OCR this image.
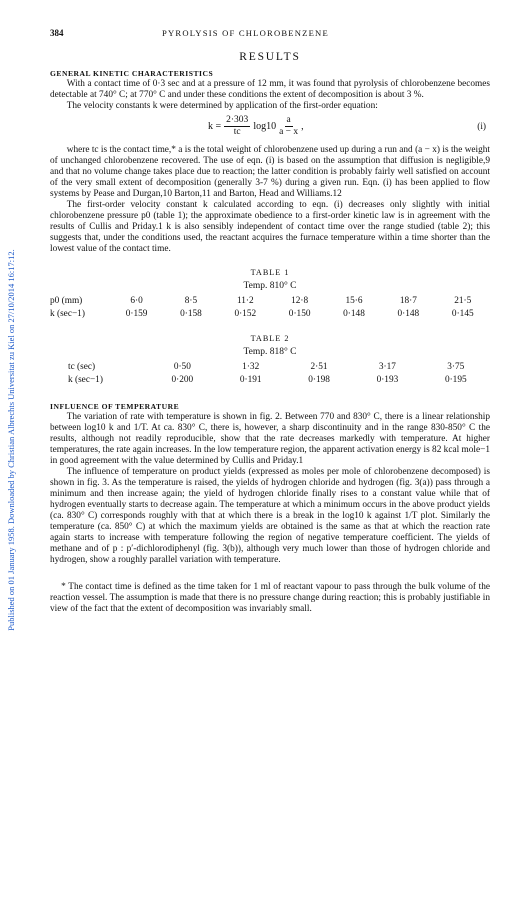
Published on 01 January 1958. Downloaded by Christian Albrechts Universitat zu Kiel on 27/10/2014 16:17:12.
384	PYROLYSIS OF CHLOROBENZENE
RESULTS
GENERAL KINETIC CHARACTERISTICS

With a contact time of 0·3 sec and at a pressure of 12 mm, it was found that pyrolysis of chlorobenzene becomes detectable at 740° C; at 770° C and under these conditions the extent of decomposition is about 3 %.

The velocity constants k were determined by application of the first-order equation:

$k = \frac{2\cdot 303}{tc} \log 10 \frac{a}{a - x}$ ,	(i)

where tc is the contact time,* a is the total weight of chlorobenzene used up during a run and (a − x) is the weight of unchanged chlorobenzene recovered. The use of eqn. (i) is based on the assumption that diffusion is negligible,9 and that no volume change takes place due to reaction; the latter condition is probably fairly well satisfied on account of the very small extent of decomposition (generally 3-7 %) during a given run. Eqn. (i) has been applied to flow systems by Pease and Durgan,10 Barton,11 and Barton, Head and Williams.12

The first-order velocity constant k calculated according to eqn. (i) decreases only slightly with initial chlorobenzene pressure p0 (table 1); the approximate obedience to a first-order kinetic law is in agreement with the results of Cullis and Priday.1 k is also sensibly independent of contact time over the range studied (table 2); this suggests that, under the conditions used, the reactant acquires the furnace temperature within a time shorter than the lowest value of the contact time.

TABLE 1
Temp. 810° C
p0 (mm)	6·0	8·5	11·2	12·8	15·6	18·7	21·5
k (sec−1)	0·159	0·158	0·152	0·150	0·148	0·148	0·145
TABLE 2
Temp. 818° C
tc (sec)	0·50	1·32	2·51	3·17	3·75
k (sec−1)	0·200	0·191	0·198	0·193	0·195
INFLUENCE OF TEMPERATURE

The variation of rate with temperature is shown in fig. 2. Between 770 and 830° C, there is a linear relationship between log10 k and 1/T. At ca. 830° C, there is, however, a sharp discontinuity and in the range 830-850° C the results, although not readily reproducible, show that the rate decreases markedly with temperature. At higher temperatures, the rate again increases. In the low temperature region, the apparent activation energy is 82 kcal mole−1 in good agreement with the value determined by Cullis and Priday.1

The influence of temperature on product yields (expressed as moles per mole of chlorobenzene decomposed) is shown in fig. 3. As the temperature is raised, the yields of hydrogen chloride and hydrogen (fig. 3(a)) pass through a minimum and then increase again; the yield of hydrogen chloride finally rises to a constant value while that of hydrogen eventually starts to decrease again. The temperature at which a minimum occurs in the above product yields (ca. 830° C) corresponds roughly with that at which there is a break in the log10 k against 1/T plot. Similarly the temperature (ca. 850° C) at which the maximum yields are obtained is the same as that at which the reaction rate again starts to increase with temperature following the region of negative temperature coefficient. The yields of methane and of p : p′-dichlorodiphenyl (fig. 3(b)), although very much lower than those of hydrogen chloride and hydrogen, show a roughly parallel variation with temperature.

* The contact time is defined as the time taken for 1 ml of reactant vapour to pass through the bulk volume of the reaction vessel. The assumption is made that there is no pressure change during reaction; this is probably justifiable in view of the fact that the extent of decomposition was invariably small.
